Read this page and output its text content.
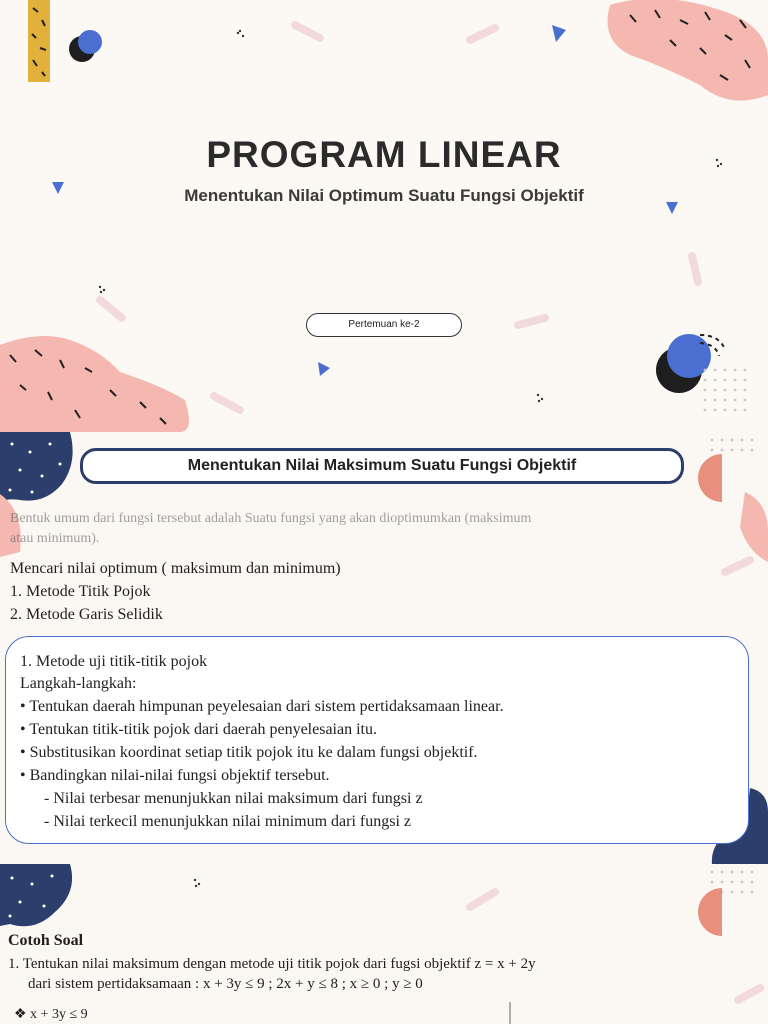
PROGRAM LINEAR
Menentukan Nilai Optimum Suatu Fungsi Objektif
Pertemuan ke-2
Menentukan Nilai Maksimum Suatu Fungsi Objektif
Bentuk umum dari fungsi tersebut adalah Suatu fungsi yang akan dioptimumkan (maksimum
atau minimum).
Mencari nilai optimum ( maksimum dan minimum)
1. Metode Titik Pojok
2. Metode Garis Selidik
1. Metode uji titik-titik pojok
Langkah-langkah:
• Tentukan daerah himpunan peyelesaian dari sistem pertidaksamaan linear.
• Tentukan titik-titik pojok dari daerah penyelesaian itu.
• Substitusikan koordinat setiap titik pojok itu ke dalam fungsi objektif.
• Bandingkan nilai-nilai fungsi objektif tersebut.
- Nilai terbesar menunjukkan nilai maksimum dari fungsi z
- Nilai terkecil menunjukkan nilai minimum dari fungsi z
Cotoh Soal
1. Tentukan nilai maksimum dengan metode uji titik pojok dari fugsi objektif z = x + 2y
dari sistem pertidaksamaan : x + 3y ≤ 9 ; 2x + y ≤ 8 ; x ≥ 0 ; y ≥ 0
❖ x + 3y ≤ 9
